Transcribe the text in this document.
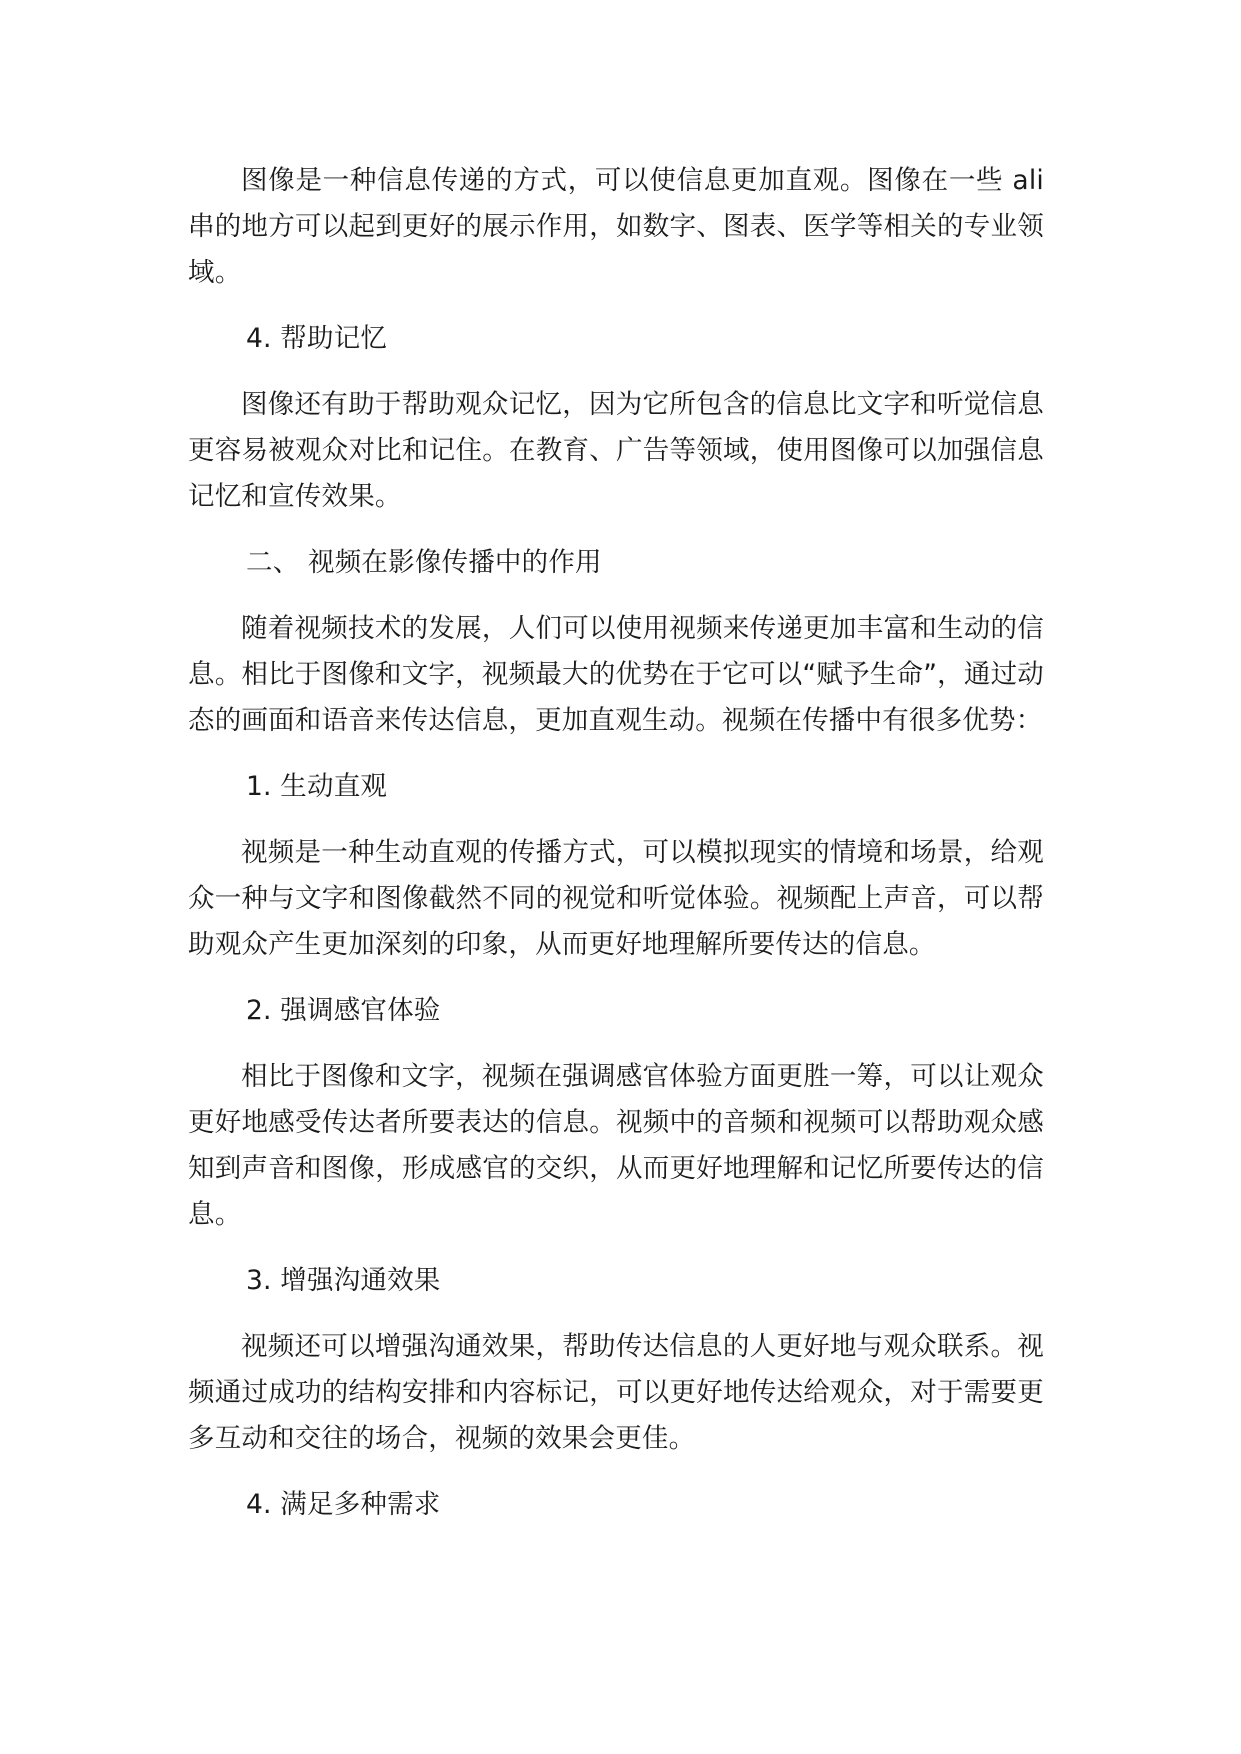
图像是一种信息传递的方式，可以使信息更加直观。图像在一些 ali串的地方可以起到更好的展示作用，如数字、图表、医学等相关的专业领域。

4. 帮助记忆

图像还有助于帮助观众记忆，因为它所包含的信息比文字和听觉信息更容易被观众对比和记住。在教育、广告等领域，使用图像可以加强信息记忆和宣传效果。

二、 视频在影像传播中的作用

随着视频技术的发展，人们可以使用视频来传递更加丰富和生动的信息。相比于图像和文字，视频最大的优势在于它可以“赋予生命”，通过动态的画面和语音来传达信息，更加直观生动。视频在传播中有很多优势：

1. 生动直观

视频是一种生动直观的传播方式，可以模拟现实的情境和场景，给观众一种与文字和图像截然不同的视觉和听觉体验。视频配上声音，可以帮助观众产生更加深刻的印象，从而更好地理解所要传达的信息。

2. 强调感官体验

相比于图像和文字，视频在强调感官体验方面更胜一筹，可以让观众更好地感受传达者所要表达的信息。视频中的音频和视频可以帮助观众感知到声音和图像，形成感官的交织，从而更好地理解和记忆所要传达的信息。

3. 增强沟通效果

视频还可以增强沟通效果，帮助传达信息的人更好地与观众联系。视频通过成功的结构安排和内容标记，可以更好地传达给观众，对于需要更多互动和交往的场合，视频的效果会更佳。

4. 满足多种需求
